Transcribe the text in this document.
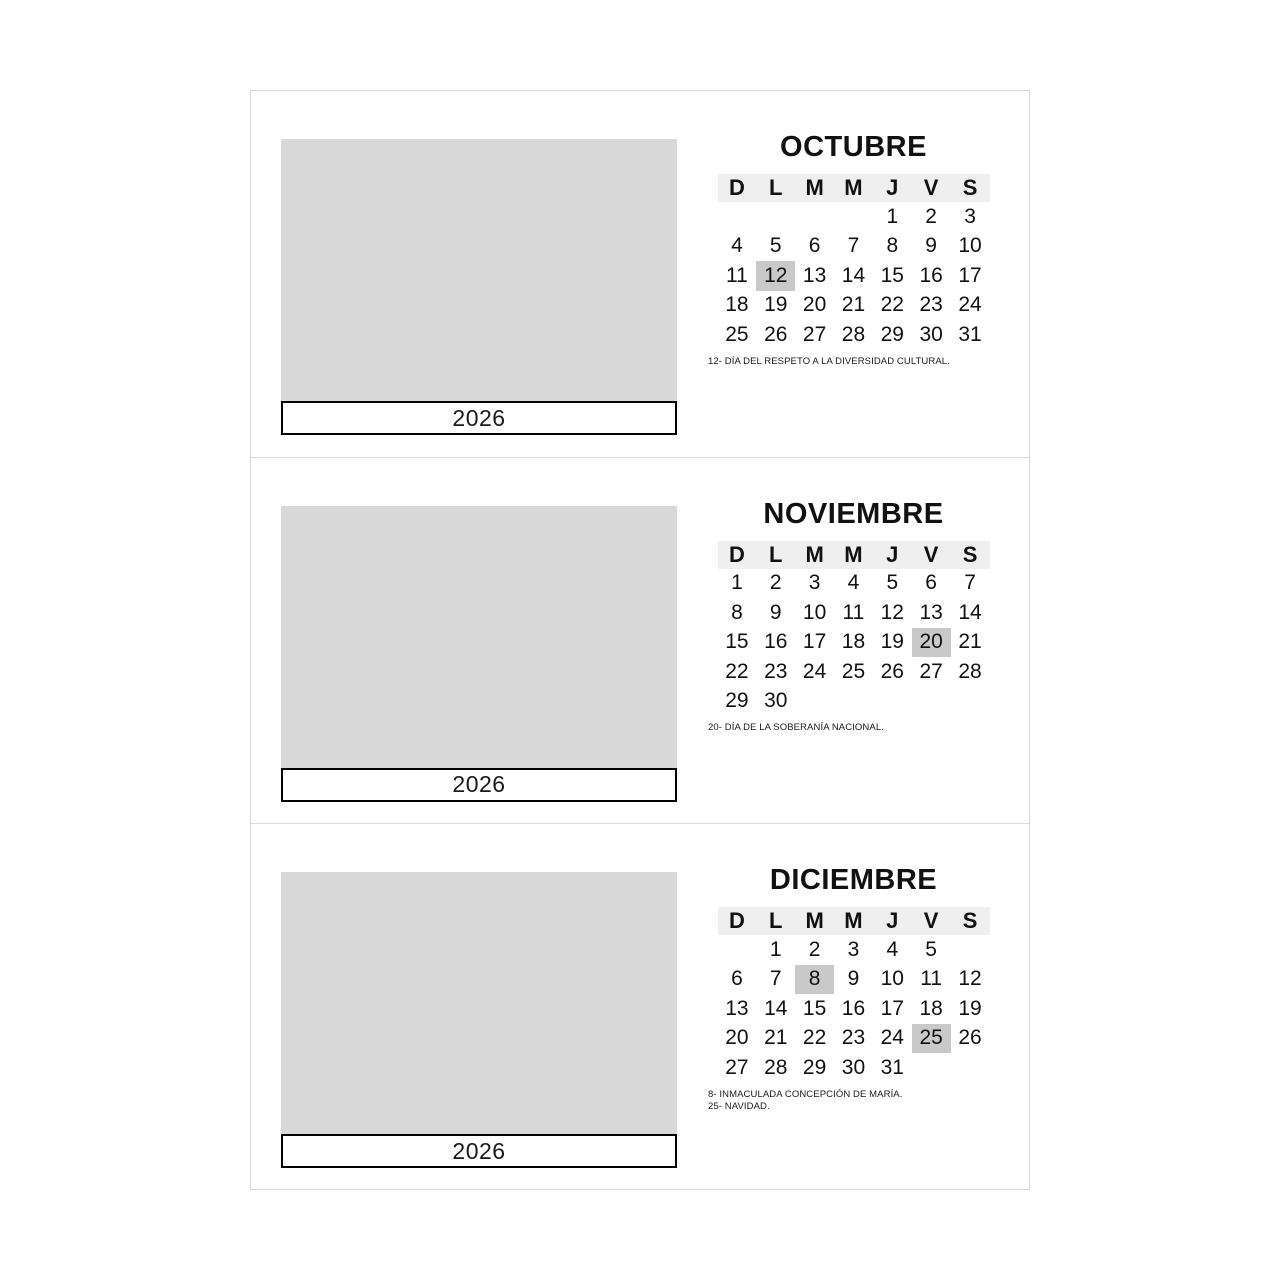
2026
OCTUBRE
D	L	M	M	J	V	S
				1	2	3
4	5	6	7	8	9	10
11	12	13	14	15	16	17
18	19	20	21	22	23	24
25	26	27	28	29	30	31
12- DÍA DEL RESPETO A LA DIVERSIDAD CULTURAL.
2026
NOVIEMBRE
D	L	M	M	J	V	S
1	2	3	4	5	6	7
8	9	10	11	12	13	14
15	16	17	18	19	20	21
22	23	24	25	26	27	28
29	30					
20- DÍA DE LA SOBERANÍA NACIONAL.
2026
DICIEMBRE
D	L	M	M	J	V	S
	1	2	3	4	5	
6	7	8	9	10	11	12
13	14	15	16	17	18	19
20	21	22	23	24	25	26
27	28	29	30	31		
8- INMACULADA CONCEPCIÓN DE MARÍA.
25- NAVIDAD.
